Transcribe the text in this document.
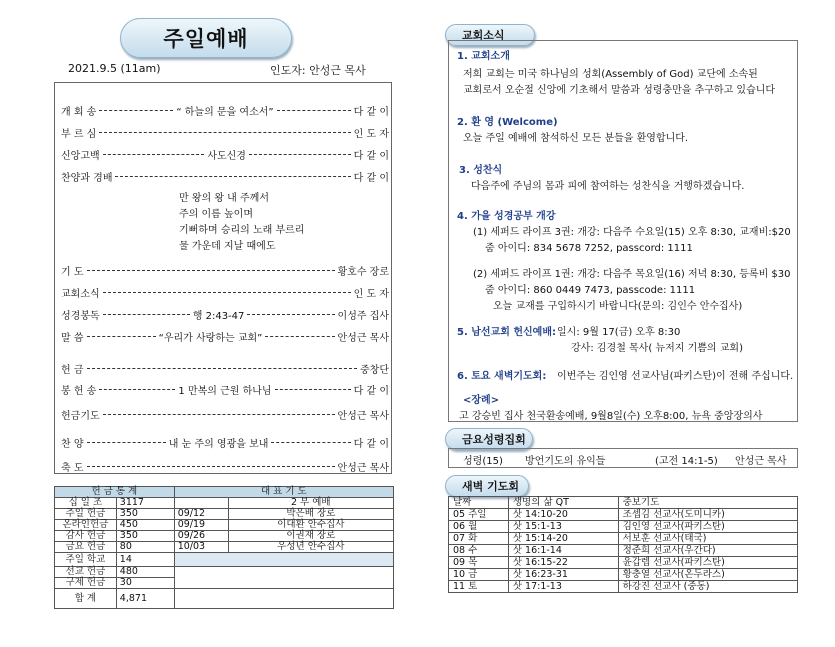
주일예배
2021.9.5 (11am)	인도자: 안성근 목사
개 회 송	“ 하늘의 문을 여소서”	다 같 이
부 르 심	인 도 자
신앙고백	사도신경	다 같 이
찬양과 경배	다 같 이
기 도	황호수 장로
교회소식	인 도 자
성경봉독	행 2:43-47	이성주 집사
말 씀	“우리가 사랑하는 교회”	안성근 목사
헌 금	중창단
봉 헌 송	1 만복의 근원 하나님	다 같 이
헌금기도	안성근 목사
찬 양	내 눈 주의 영광을 보내	다 같 이
축 도	안성근 목사
만 왕의 왕 내 주께서
주의 이름 높이며
기뻐하며 승리의 노래 부르리
물 가운데 지날 때에도
헌 금 통 계		대 표 기 도	
십 일 조	3117		2 부 예배
주일 헌금	350	09/12	박은배 장로
온라인헌금	450	09/19	이대환 안수집사
감사 헌금	350	09/26	이권재 장로
금요 헌금	80	10/03	우성년 안수집사
주일 학교	14		
선교 헌금	480		
구제 헌금	30		
합 계	4,871		
교회소식
1. 교회소개
저희 교회는 미국 하나님의 성회(Assembly of God) 교단에 소속된
교회로서 오순절 신앙에 기초해서 말씀과 성령충만을 추구하고 있습니다
2. 환 영 (Welcome)
오늘 주일 예배에 참석하신 모든 분들을 환영합니다.
3. 성찬식
다음주에 주님의 몸과 피에 참여하는 성찬식을 거행하겠습니다.
4. 가을 성경공부 개강
(1) 세퍼드 라이프 3권: 개강: 다음주 수요일(15) 오후 8:30, 교재비:$20
줌 아이디: 834 5678 7252, passcord: 1111
(2) 세퍼드 라이프 1권: 개강: 다음주 목요일(16) 저녁 8:30, 등록비 $30
줌 아이디: 860 0449 7473, passcode: 1111
오늘 교재를 구입하시기 바랍니다(문의: 김인수 안수집사)
5. 남선교회 헌신예배: 일시: 9월 17(금) 오후 8:30
강사: 김경철 목사( 뉴저지 기쁨의 교회)
6. 토요 새벽기도회: 이번주는 김인영 선교사님(파키스탄)이 전해 주십니다.
<장례>
고 강승빈 집사 천국환송예배, 9월8일(수) 오후8:00, 뉴욕 중앙장의사
금요성령집회
성령(15) 방언기도의 유익들	(고전 14:1-5) 안성근 목사
새벽 기도회
날짜	생명의 삶 QT	중보기도
05 주일	삿 14:10-20	조셉김 선교사(도미니카)
06 월	삿 15:1-13	김인영 선교사(파키스탄)
07 화	삿 15:14-20	서보훈 선교사(태국)
08 수	삿 16:1-14	정준희 선교사(우간다)
09 목	삿 16:15-22	윤갑렙 선교사(파키스탄)
10 금	삿 16:23-31	황충열 선교사(온두라스)
11 토	삿 17:1-13	하강진 선교사 (중동)
